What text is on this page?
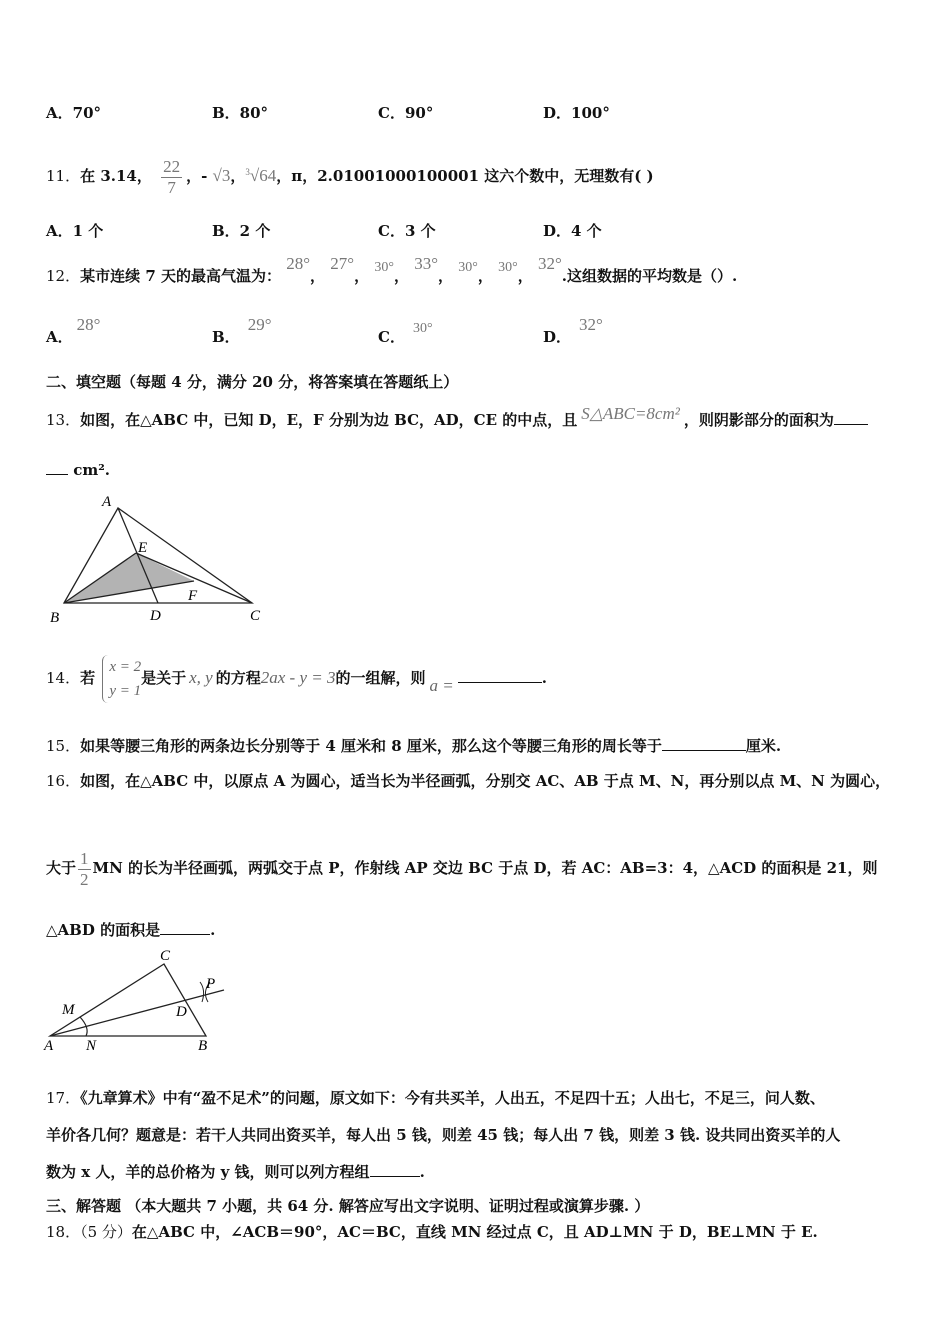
A．70°	B．80°	C．90°	D．100°
11．在 3.14， $\frac{22}{7}$ ，- √3，$^3$√64，π，2.01001000100001 这六个数中，无理数有( )
A．1 个	B．2 个	C．3 个	D．4 个
12．某市连续 7 天的最高气温为： 28°， 27°， 30°， 33°， 30°， 30°， 32°.这组数据的平均数是（）.
A．28°
B．29°
C． 30°	D．32°
二、填空题（每题 4 分，满分 20 分，将答案填在答题纸上）
13．如图，在△ABC 中，已知 D，E，F 分别为边 BC，AD，CE 的中点，且 S△ABC=8cm² ，则阴影部分的面积为
cm².
A
E
F
B	D	C
14．若
x = 2
y = 1
是关于 x, y 的方程2ax - y = 3的一组解，则 a =	.
15．如果等腰三角形的两条边长分别等于 4 厘米和 8 厘米，那么这个等腰三角形的周长等于	厘米.
16．如图，在△ABC 中，以原点 A 为圆心，适当长为半径画弧，分别交 AC、AB 于点 M、N，再分别以点 M、N 为圆心，
大于 $\frac{1}{2}$ MN 的长为半径画弧，两弧交于点 P，作射线 AP 交边 BC 于点 D，若 AC：AB=3：4，△ACD 的面积是 21，则
△ABD 的面积是	.
C
P
M	D
A N	B
17．《九章算术》中有“盈不足术”的问题，原文如下：今有共买羊，人出五，不足四十五；人出七，不足三，问人数、
羊价各几何？题意是：若干人共同出资买羊，每人出 5 钱，则差 45 钱；每人出 7 钱，则差 3 钱. 设共同出资买羊的人
数为 x 人，羊的总价格为 y 钱，则可以列方程组	.
三、解答题 （本大题共 7 小题，共 64 分. 解答应写出文字说明、证明过程或演算步骤. ）
18．（5 分）在△ABC 中，∠ACB＝90°，AC＝BC，直线 MN 经过点 C，且 AD⊥MN 于 D，BE⊥MN 于 E.
